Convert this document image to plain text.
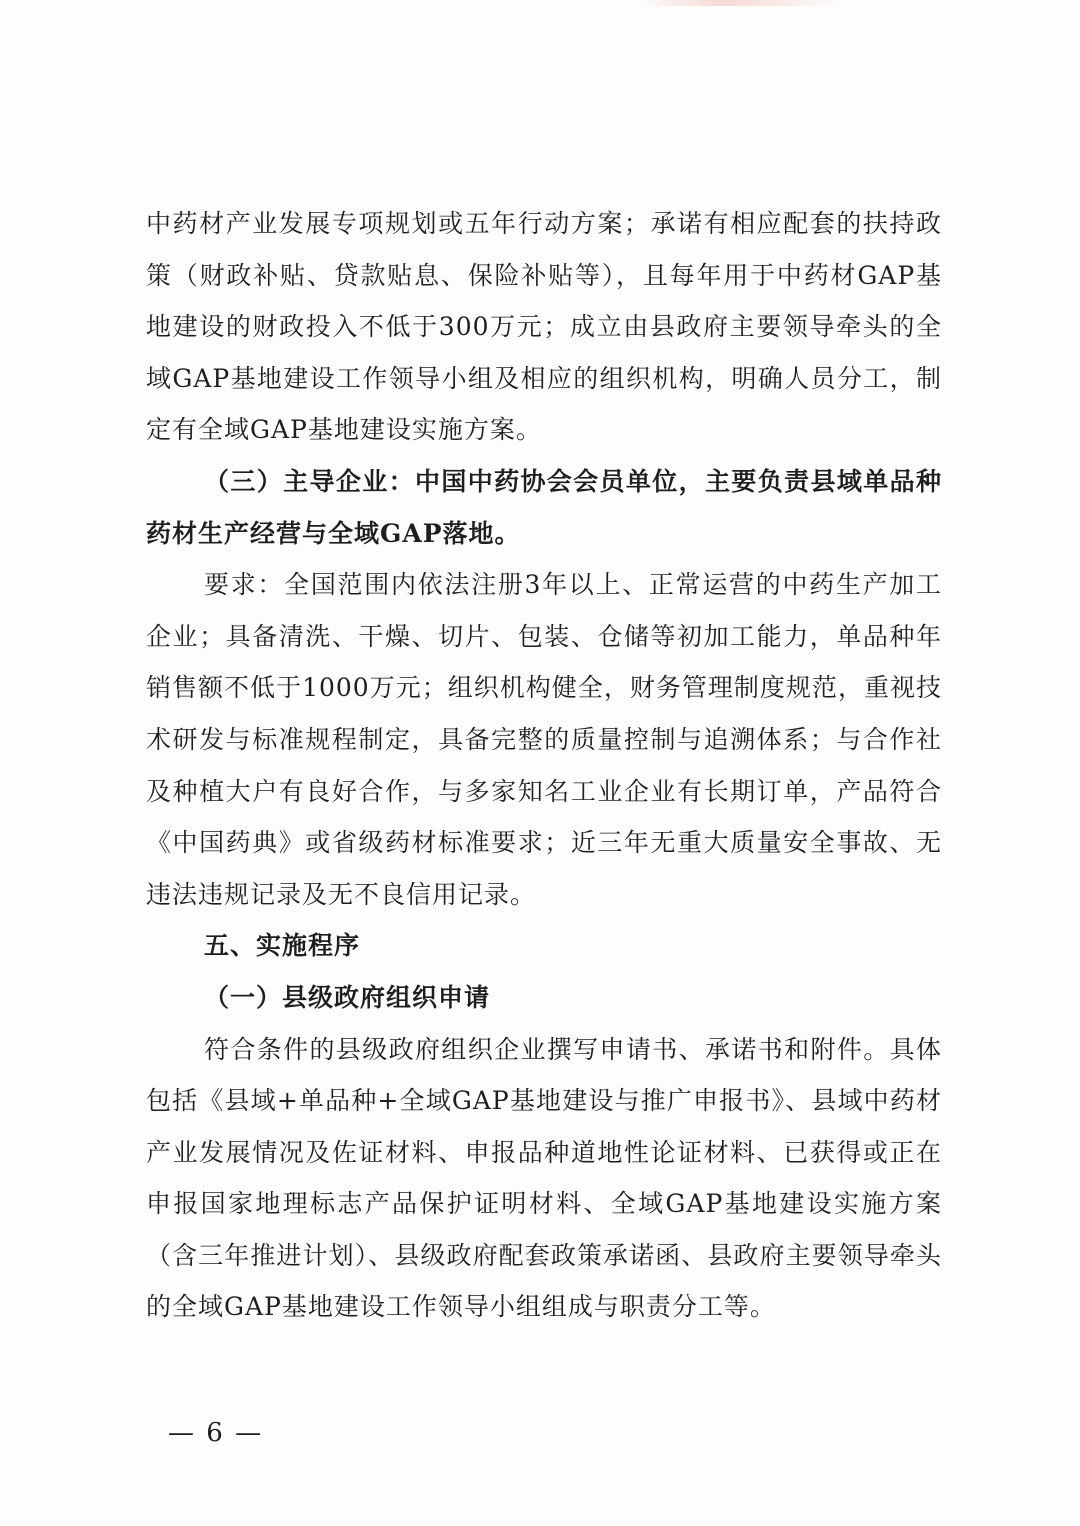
中药材产业发展专项规划或五年行动方案；承诺有相应配套的扶持政策（财政补贴、贷款贴息、保险补贴等），且每年用于中药材GAP基地建设的财政投入不低于300万元；成立由县政府主要领导牵头的全域GAP基地建设工作领导小组及相应的组织机构，明确人员分工，制定有全域GAP基地建设实施方案。

（三）主导企业：中国中药协会会员单位，主要负责县域单品种药材生产经营与全域GAP落地。

要求：全国范围内依法注册3年以上、正常运营的中药生产加工企业；具备清洗、干燥、切片、包装、仓储等初加工能力，单品种年销售额不低于1000万元；组织机构健全，财务管理制度规范，重视技术研发与标准规程制定，具备完整的质量控制与追溯体系；与合作社及种植大户有良好合作，与多家知名工业企业有长期订单，产品符合《中国药典》或省级药材标准要求；近三年无重大质量安全事故、无违法违规记录及无不良信用记录。

五、实施程序

（一）县级政府组织申请

符合条件的县级政府组织企业撰写申请书、承诺书和附件。具体包括《县域+单品种+全域GAP基地建设与推广申报书》、县域中药材产业发展情况及佐证材料、申报品种道地性论证材料、已获得或正在申报国家地理标志产品保护证明材料、全域GAP基地建设实施方案（含三年推进计划）、县级政府配套政策承诺函、县政府主要领导牵头的全域GAP基地建设工作领导小组组成与职责分工等。

— 6 —
